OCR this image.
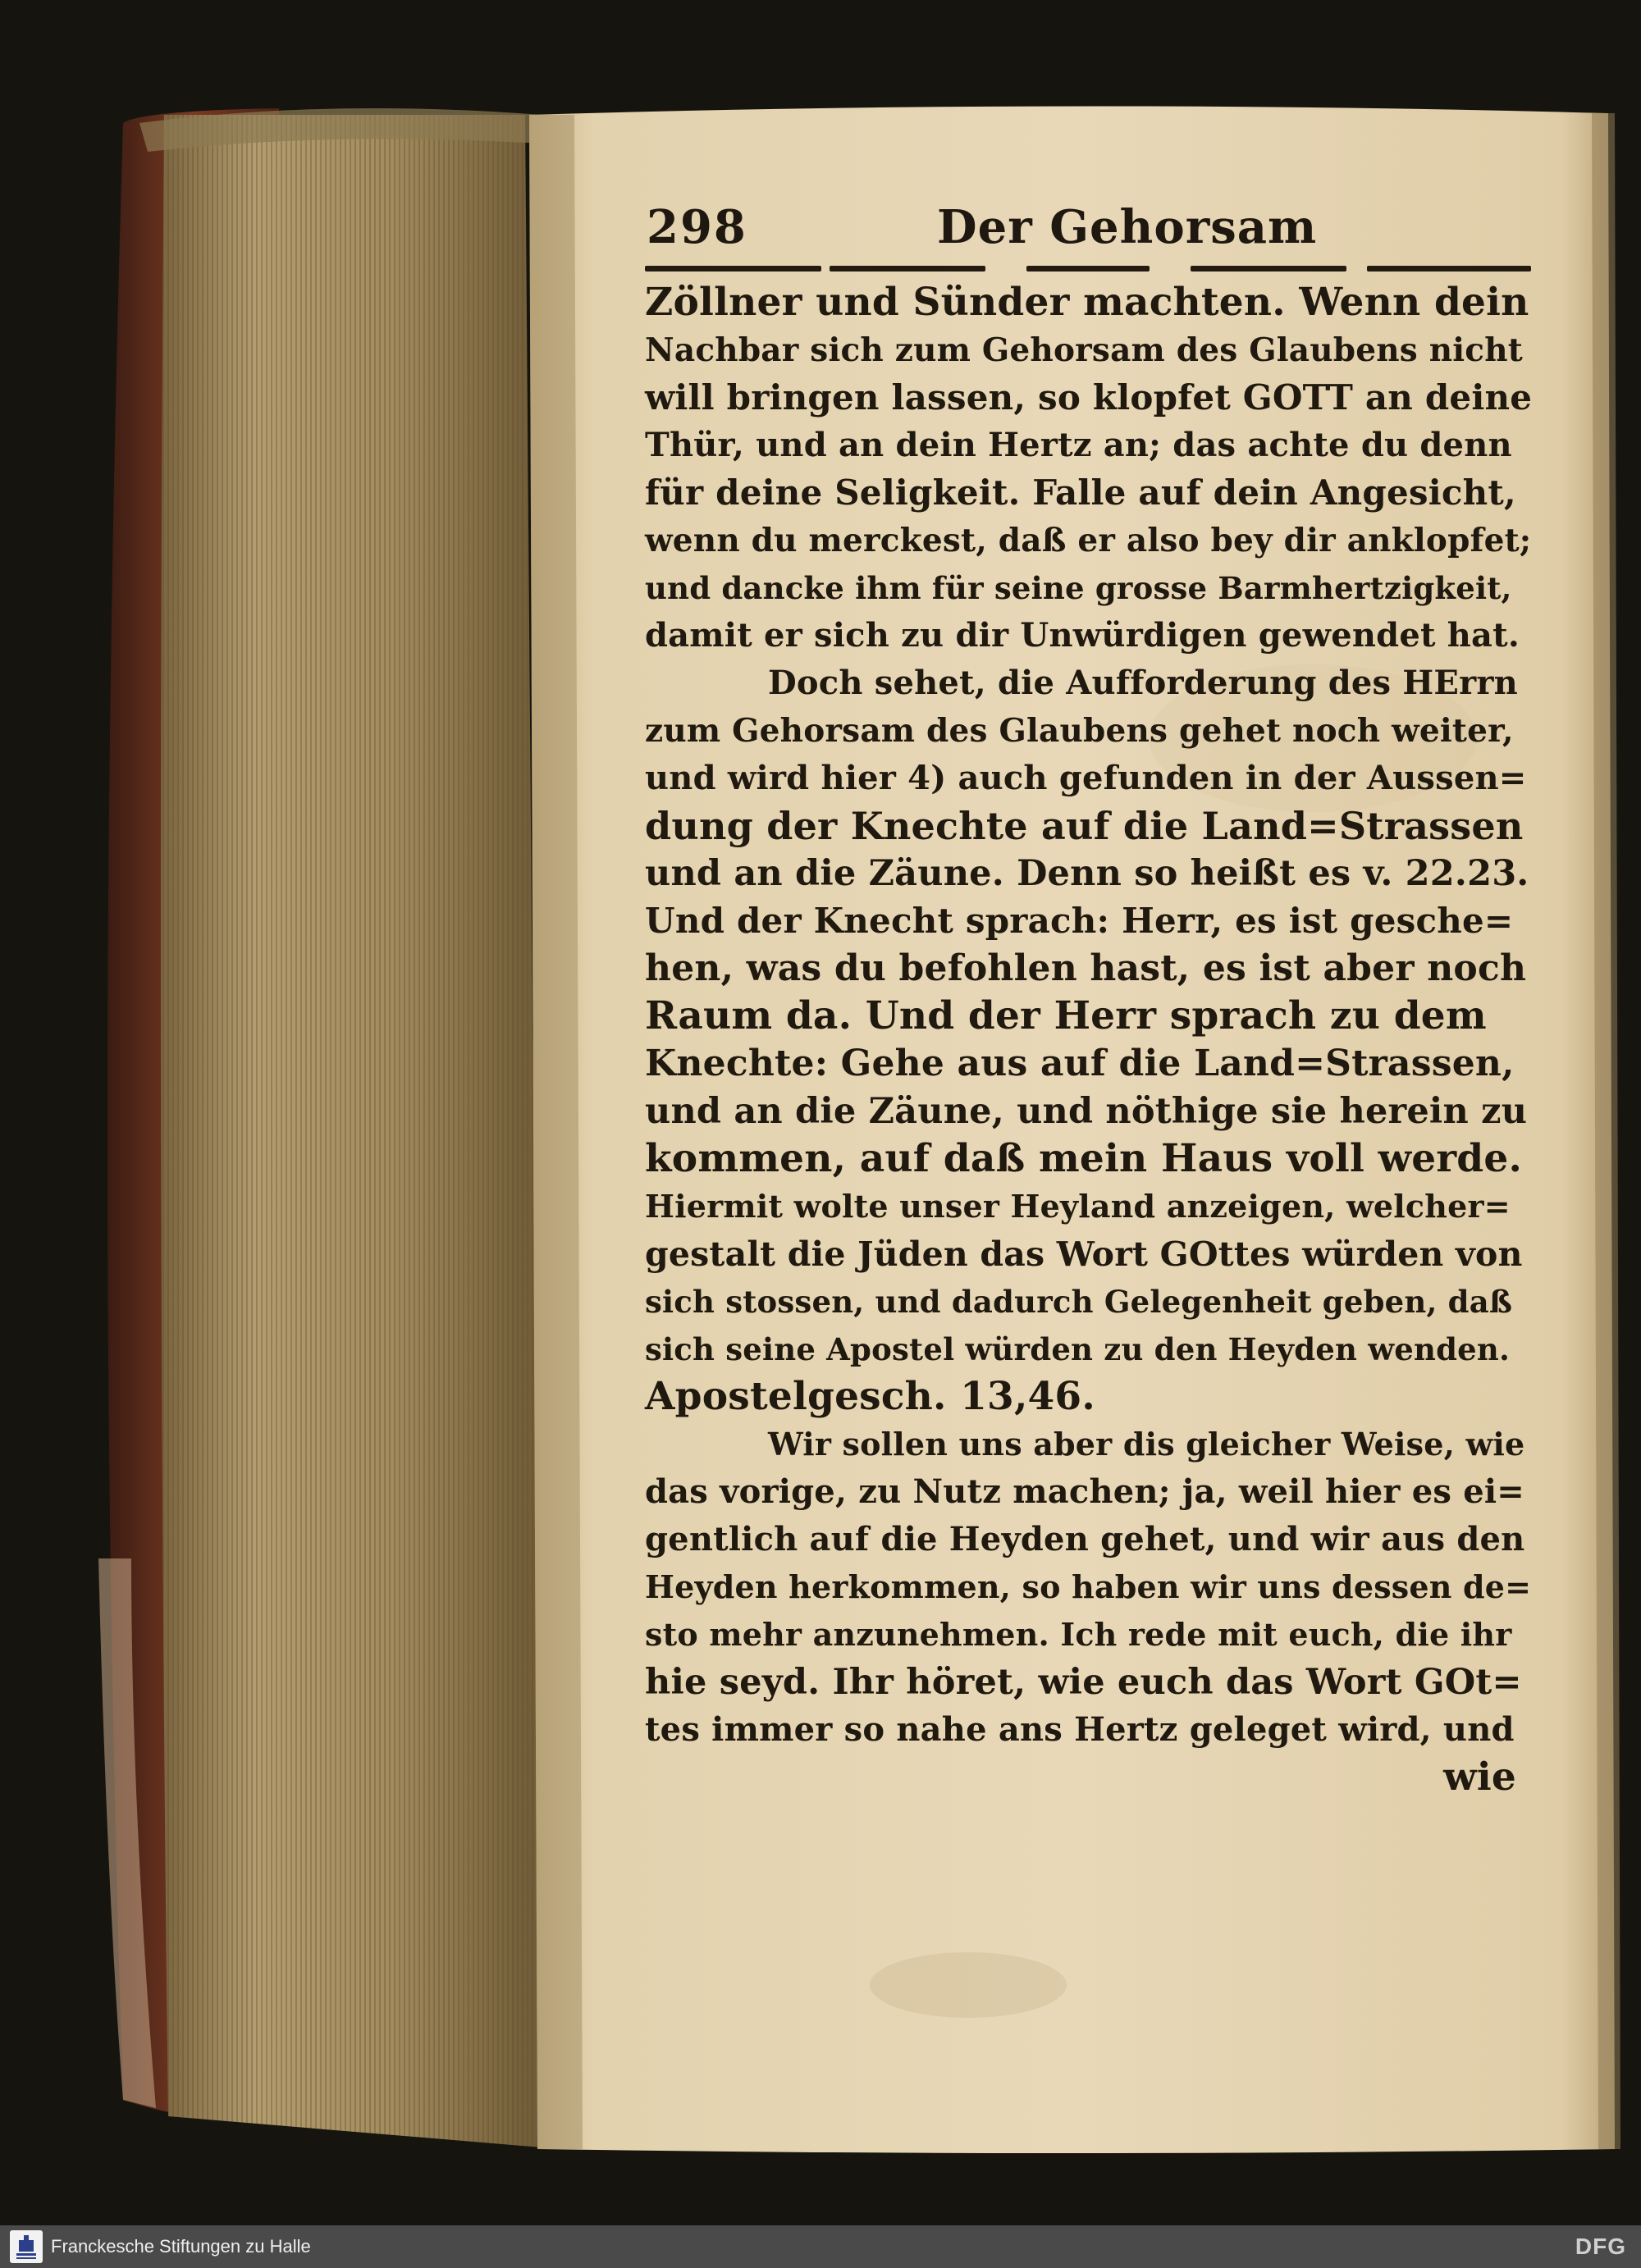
298	Der Gehorsam
Zöllner und Sünder machten. Wenn dein
Nachbar sich zum Gehorsam des Glaubens nicht
will bringen lassen, so klopfet GOTT an deine
Thür, und an dein Hertz an; das achte du denn
für deine Seligkeit. Falle auf dein Angesicht,
wenn du merckest, daß er also bey dir anklopfet;
und dancke ihm für seine grosse Barmhertzigkeit,
damit er sich zu dir Unwürdigen gewendet hat.
Doch sehet, die Aufforderung des HErrn
zum Gehorsam des Glaubens gehet noch weiter,
und wird hier 4) auch gefunden in der Aussen=
dung der Knechte auf die Land=Strassen
und an die Zäune. Denn so heißt es v. 22.23.
Und der Knecht sprach: Herr, es ist gesche=
hen, was du befohlen hast, es ist aber noch
Raum da. Und der Herr sprach zu dem
Knechte: Gehe aus auf die Land=Strassen,
und an die Zäune, und nöthige sie herein zu
kommen, auf daß mein Haus voll werde.
Hiermit wolte unser Heyland anzeigen, welcher=
gestalt die Jüden das Wort GOttes würden von
sich stossen, und dadurch Gelegenheit geben, daß
sich seine Apostel würden zu den Heyden wenden.
Apostelgesch. 13,46.
Wir sollen uns aber dis gleicher Weise, wie
das vorige, zu Nutz machen; ja, weil hier es ei=
gentlich auf die Heyden gehet, und wir aus den
Heyden herkommen, so haben wir uns dessen de=
sto mehr anzunehmen. Ich rede mit euch, die ihr
hie seyd. Ihr höret, wie euch das Wort GOt=
tes immer so nahe ans Hertz geleget wird, und
wie
Franckesche Stiftungen zu Halle	DFG
